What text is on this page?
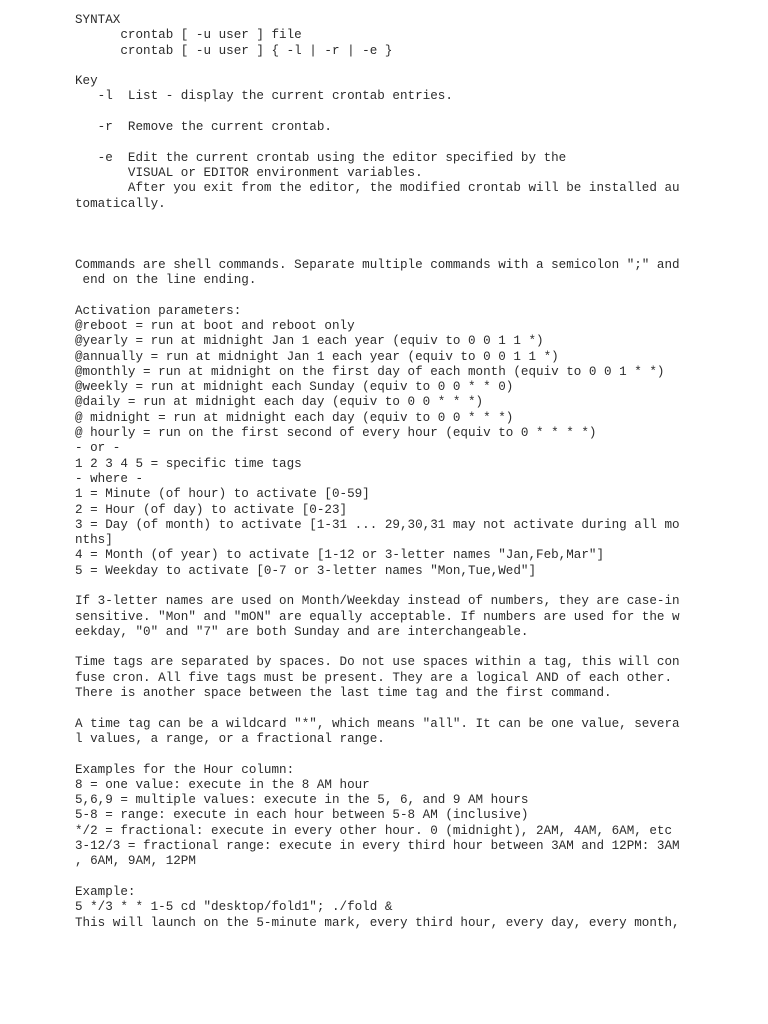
SYNTAX
crontab [ -u user ] file
crontab [ -u user ] { -l | -r | -e }
Key
-l  List - display the current crontab entries.
-r  Remove the current crontab.
-e  Edit the current crontab using the editor specified by the
VISUAL or EDITOR environment variables.
After you exit from the editor, the modified crontab will be installed au
tomatically.
Commands are shell commands. Separate multiple commands with a semicolon ";" and
end on the line ending.
Activation parameters:
@reboot = run at boot and reboot only
@yearly = run at midnight Jan 1 each year (equiv to 0 0 1 1 *)
@annually = run at midnight Jan 1 each year (equiv to 0 0 1 1 *)
@monthly = run at midnight on the first day of each month (equiv to 0 0 1 * *)
@weekly = run at midnight each Sunday (equiv to 0 0 * * 0)
@daily = run at midnight each day (equiv to 0 0 * * *)
@ midnight = run at midnight each day (equiv to 0 0 * * *)
@ hourly = run on the first second of every hour (equiv to 0 * * * *)
- or -
1 2 3 4 5 = specific time tags
- where -
1 = Minute (of hour) to activate [0-59]
2 = Hour (of day) to activate [0-23]
3 = Day (of month) to activate [1-31 ... 29,30,31 may not activate during all mo
nths]
4 = Month (of year) to activate [1-12 or 3-letter names "Jan,Feb,Mar"]
5 = Weekday to activate [0-7 or 3-letter names "Mon,Tue,Wed"]
If 3-letter names are used on Month/Weekday instead of numbers, they are case-in
sensitive. "Mon" and "mON" are equally acceptable. If numbers are used for the w
eekday, "0" and "7" are both Sunday and are interchangeable.
Time tags are separated by spaces. Do not use spaces within a tag, this will con
fuse cron. All five tags must be present. They are a logical AND of each other.
There is another space between the last time tag and the first command.
A time tag can be a wildcard "*", which means "all". It can be one value, severa
l values, a range, or a fractional range.
Examples for the Hour column:
8 = one value: execute in the 8 AM hour
5,6,9 = multiple values: execute in the 5, 6, and 9 AM hours
5-8 = range: execute in each hour between 5-8 AM (inclusive)
*/2 = fractional: execute in every other hour. 0 (midnight), 2AM, 4AM, 6AM, etc
3-12/3 = fractional range: execute in every third hour between 3AM and 12PM: 3AM
, 6AM, 9AM, 12PM
Example:
5 */3 * * 1-5 cd "desktop/fold1"; ./fold &
This will launch on the 5-minute mark, every third hour, every day, every month,
